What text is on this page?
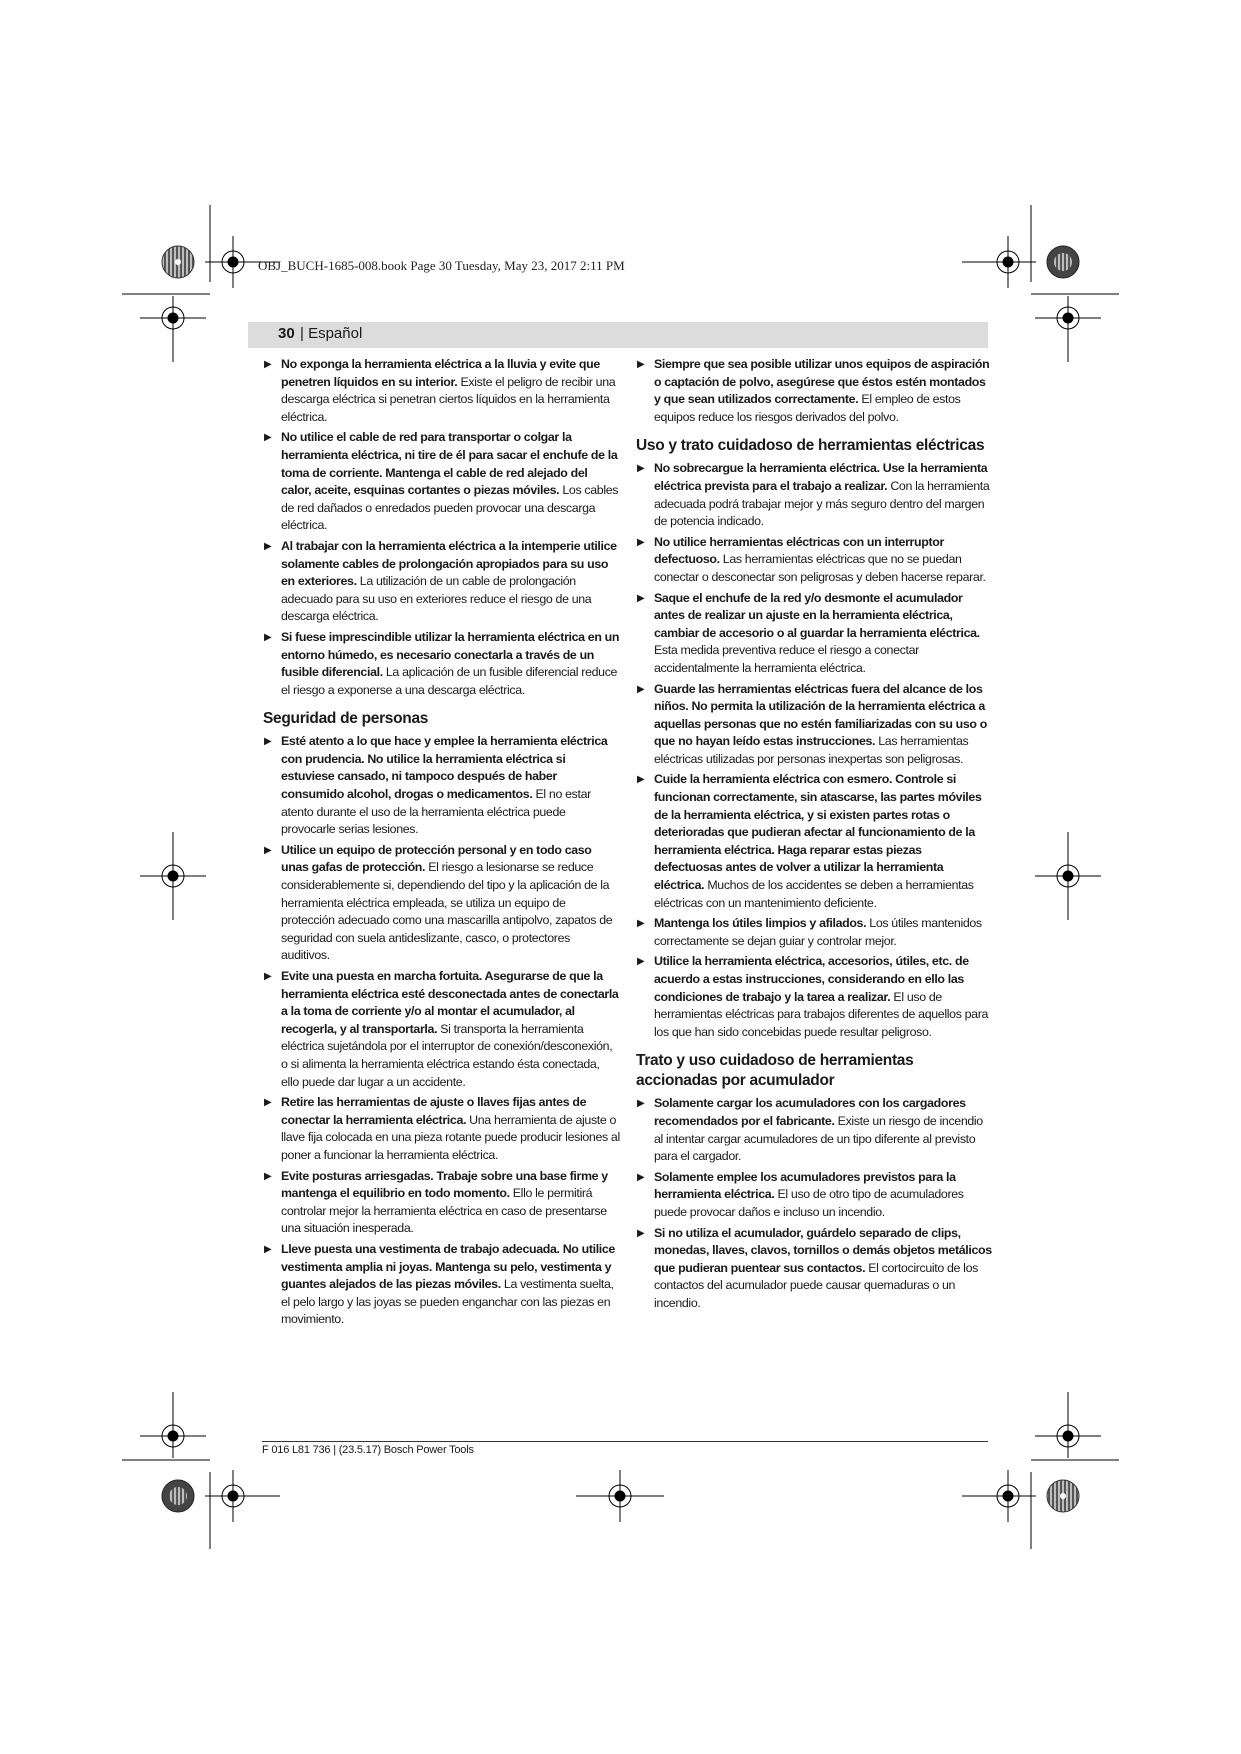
OBJ_BUCH-1685-008.book Page 30 Tuesday, May 23, 2017 2:11 PM
30 | Español
▶ No exponga la herramienta eléctrica a la lluvia y evite que penetren líquidos en su interior. Existe el peligro de recibir una descarga eléctrica si penetran ciertos líquidos en la herramienta eléctrica.
▶ No utilice el cable de red para transportar o colgar la herramienta eléctrica, ni tire de él para sacar el enchufe de la toma de corriente. Mantenga el cable de red alejado del calor, aceite, esquinas cortantes o piezas móviles. Los cables de red dañados o enredados pueden provocar una descarga eléctrica.
▶ Al trabajar con la herramienta eléctrica a la intemperie utilice solamente cables de prolongación apropiados para su uso en exteriores. La utilización de un cable de prolongación adecuado para su uso en exteriores reduce el riesgo de una descarga eléctrica.
▶ Si fuese imprescindible utilizar la herramienta eléctrica en un entorno húmedo, es necesario conectarla a través de un fusible diferencial. La aplicación de un fusible diferencial reduce el riesgo a exponerse a una descarga eléctrica.
Seguridad de personas
▶ Esté atento a lo que hace y emplee la herramienta eléctrica con prudencia. No utilice la herramienta eléctrica si estuviese cansado, ni tampoco después de haber consumido alcohol, drogas o medicamentos. El no estar atento durante el uso de la herramienta eléctrica puede provocarle serias lesiones.
▶ Utilice un equipo de protección personal y en todo caso unas gafas de protección. El riesgo a lesionarse se reduce considerablemente si, dependiendo del tipo y la aplicación de la herramienta eléctrica empleada, se utiliza un equipo de protección adecuado como una mascarilla antipolvo, zapatos de seguridad con suela antideslizante, casco, o protectores auditivos.
▶ Evite una puesta en marcha fortuita. Asegurarse de que la herramienta eléctrica esté desconectada antes de conectarla a la toma de corriente y/o al montar el acumulador, al recogerla, y al transportarla. Si transporta la herramienta eléctrica sujetándola por el interruptor de conexión/desconexión, o si alimenta la herramienta eléctrica estando ésta conectada, ello puede dar lugar a un accidente.
▶ Retire las herramientas de ajuste o llaves fijas antes de conectar la herramienta eléctrica. Una herramienta de ajuste o llave fija colocada en una pieza rotante puede producir lesiones al poner a funcionar la herramienta eléctrica.
▶ Evite posturas arriesgadas. Trabaje sobre una base firme y mantenga el equilibrio en todo momento. Ello le permitirá controlar mejor la herramienta eléctrica en caso de presentarse una situación inesperada.
▶ Lleve puesta una vestimenta de trabajo adecuada. No utilice vestimenta amplia ni joyas. Mantenga su pelo, vestimenta y guantes alejados de las piezas móviles. La vestimenta suelta, el pelo largo y las joyas se pueden enganchar con las piezas en movimiento.
▶ Siempre que sea posible utilizar unos equipos de aspiración o captación de polvo, asegúrese que éstos estén montados y que sean utilizados correctamente. El empleo de estos equipos reduce los riesgos derivados del polvo.
Uso y trato cuidadoso de herramientas eléctricas
▶ No sobrecargue la herramienta eléctrica. Use la herramienta eléctrica prevista para el trabajo a realizar. Con la herramienta adecuada podrá trabajar mejor y más seguro dentro del margen de potencia indicado.
▶ No utilice herramientas eléctricas con un interruptor defectuoso. Las herramientas eléctricas que no se puedan conectar o desconectar son peligrosas y deben hacerse reparar.
▶ Saque el enchufe de la red y/o desmonte el acumulador antes de realizar un ajuste en la herramienta eléctrica, cambiar de accesorio o al guardar la herramienta eléctrica. Esta medida preventiva reduce el riesgo a conectar accidentalmente la herramienta eléctrica.
▶ Guarde las herramientas eléctricas fuera del alcance de los niños. No permita la utilización de la herramienta eléctrica a aquellas personas que no estén familiarizadas con su uso o que no hayan leído estas instrucciones. Las herramientas eléctricas utilizadas por personas inexpertas son peligrosas.
▶ Cuide la herramienta eléctrica con esmero. Controle si funcionan correctamente, sin atascarse, las partes móviles de la herramienta eléctrica, y si existen partes rotas o deterioradas que pudieran afectar al funcionamiento de la herramienta eléctrica. Haga reparar estas piezas defectuosas antes de volver a utilizar la herramienta eléctrica. Muchos de los accidentes se deben a herramientas eléctricas con un mantenimiento deficiente.
▶ Mantenga los útiles limpios y afilados. Los útiles mantenidos correctamente se dejan guiar y controlar mejor.
▶ Utilice la herramienta eléctrica, accesorios, útiles, etc. de acuerdo a estas instrucciones, considerando en ello las condiciones de trabajo y la tarea a realizar. El uso de herramientas eléctricas para trabajos diferentes de aquellos para los que han sido concebidas puede resultar peligroso.
Trato y uso cuidadoso de herramientas accionadas por acumulador
▶ Solamente cargar los acumuladores con los cargadores recomendados por el fabricante. Existe un riesgo de incendio al intentar cargar acumuladores de un tipo diferente al previsto para el cargador.
▶ Solamente emplee los acumuladores previstos para la herramienta eléctrica. El uso de otro tipo de acumuladores puede provocar daños e incluso un incendio.
▶ Si no utiliza el acumulador, guárdelo separado de clips, monedas, llaves, clavos, tornillos o demás objetos metálicos que pudieran puentear sus contactos. El cortocircuito de los contactos del acumulador puede causar quemaduras o un incendio.
F 016 L81 736 | (23.5.17) Bosch Power Tools
